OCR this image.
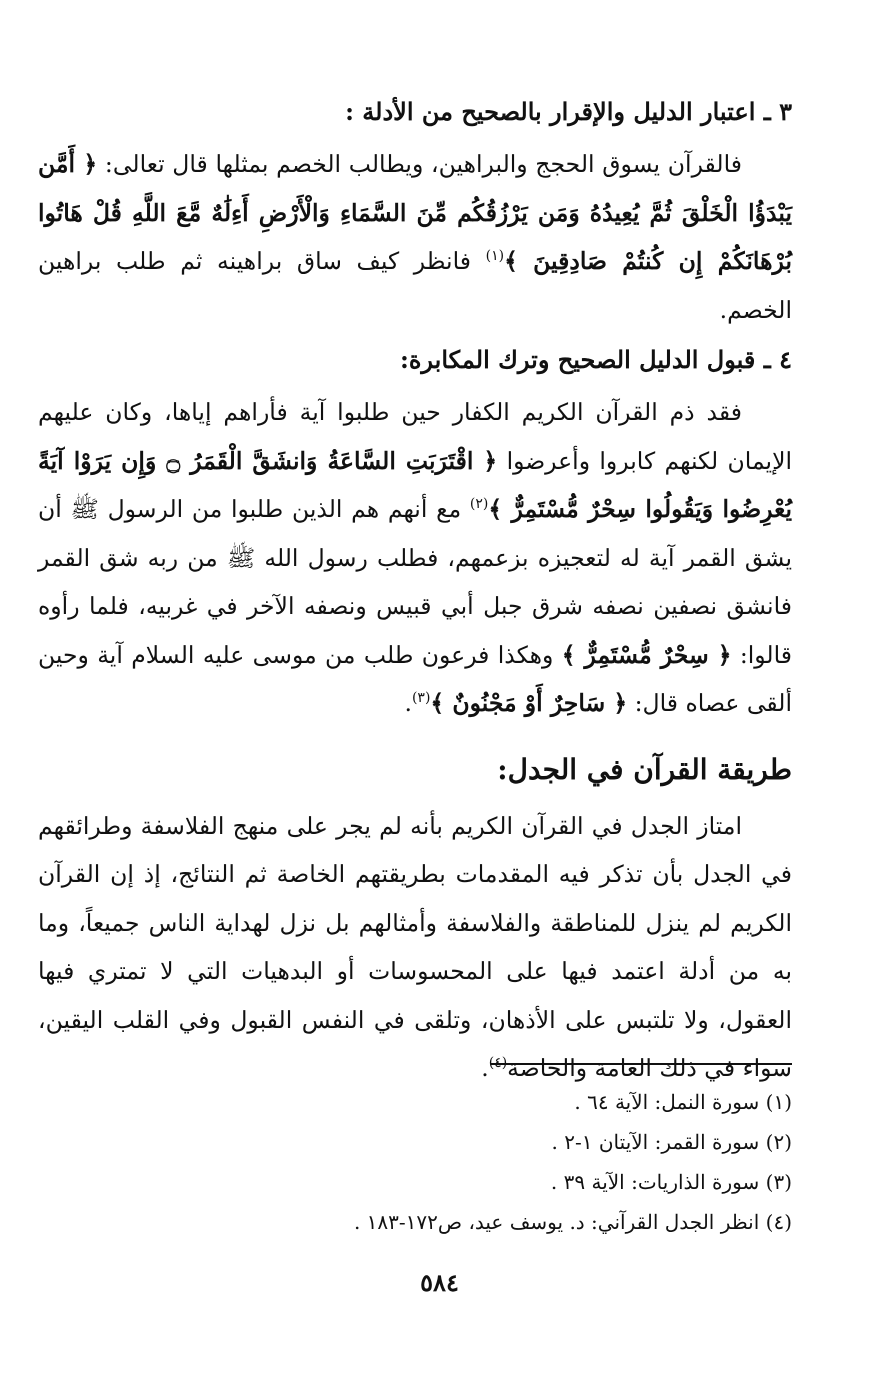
٣ ـ اعتبار الدليل والإقرار بالصحيح من الأدلة :

فالقرآن يسوق الحجج والبراهين، ويطالب الخصم بمثلها قال تعالى: ﴿ أَمَّن يَبْدَؤُا الْخَلْقَ ثُمَّ يُعِيدُهُ وَمَن يَرْزُقُكُم مِّنَ السَّمَاءِ وَالْأَرْضِ أَءِلَٰهٌ مَّعَ اللَّهِ قُلْ هَاتُوا بُرْهَانَكُمْ إِن كُنتُمْ صَادِقِينَ ﴾$^{(١)}$ فانظر كيف ساق براهينه ثم طلب براهين الخصم.

٤ ـ قبول الدليل الصحيح وترك المكابرة:

فقد ذم القرآن الكريم الكفار حين طلبوا آية فأراهم إياها، وكان عليهم الإيمان لكنهم كابروا وأعرضوا ﴿ اقْتَرَبَتِ السَّاعَةُ وَانشَقَّ الْقَمَرُ ۝ وَإِن يَرَوْا آيَةً يُعْرِضُوا وَيَقُولُوا سِحْرٌ مُّسْتَمِرٌّ ﴾$^{(٢)}$ مع أنهم هم الذين طلبوا من الرسول ﷺ أن يشق القمر آية له لتعجيزه بزعمهم، فطلب رسول الله ﷺ من ربه شق القمر فانشق نصفين نصفه شرق جبل أبي قبيس ونصفه الآخر في غربيه، فلما رأوه قالوا: ﴿ سِحْرٌ مُّسْتَمِرٌّ ﴾ وهكذا فرعون طلب من موسى عليه السلام آية وحين ألقى عصاه قال: ﴿ سَاحِرٌ أَوْ مَجْنُونٌ ﴾$^{(٣)}$.

طريقة القرآن في الجدل:

امتاز الجدل في القرآن الكريم بأنه لم يجر على منهج الفلاسفة وطرائقهم في الجدل بأن تذكر فيه المقدمات بطريقتهم الخاصة ثم النتائج، إذ إن القرآن الكريم لم ينزل للمناطقة والفلاسفة وأمثالهم بل نزل لهداية الناس جميعاً، وما به من أدلة اعتمد فيها على المحسوسات أو البدهيات التي لا تمتري فيها العقول، ولا تلتبس على الأذهان، وتلقى في النفس القبول وفي القلب اليقين، سواء في ذلك العامة والخاصة$^{(٤)}$.

(١) سورة النمل: الآية ٦٤ .

(٢) سورة القمر: الآيتان ١-٢ .

(٣) سورة الذاريات: الآية ٣٩ .

(٤) انظر الجدل القرآني: د. يوسف عيد، ص١٧٢-١٨٣ .

٥٨٤
